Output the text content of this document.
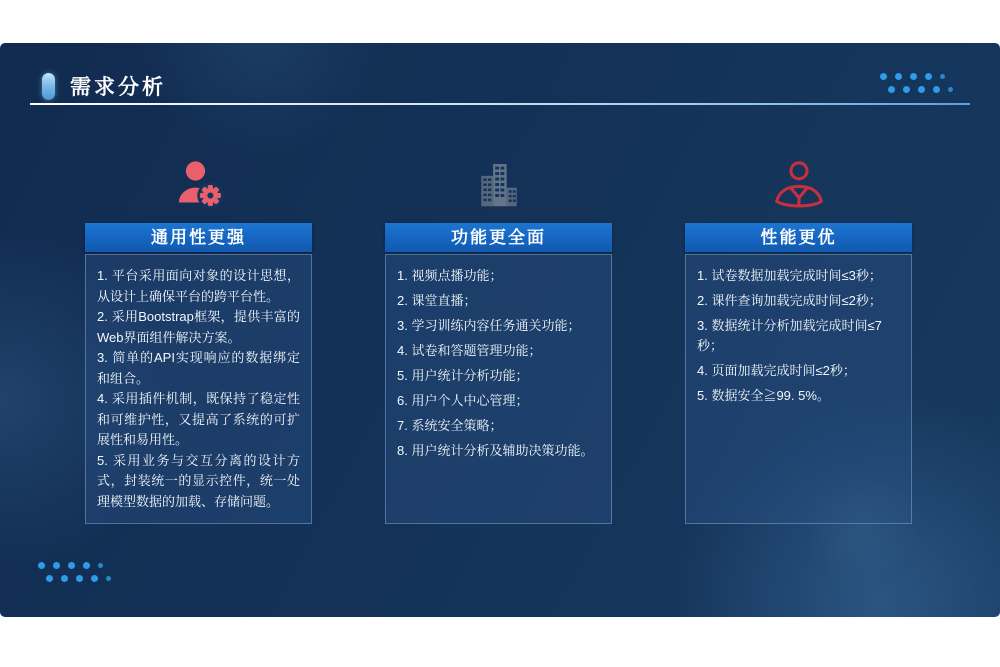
需求分析
通用性更强
1. 平台采用面向对象的设计思想，从设计上确保平台的跨平台性。
2. 采用Bootstrap框架，提供丰富的Web界面组件解决方案。
3. 简单的API实现响应的数据绑定和组合。
4. 采用插件机制，既保持了稳定性和可维护性，又提高了系统的可扩展性和易用性。
5. 采用业务与交互分离的设计方式，封装统一的显示控件，统一处理模型数据的加载、存储问题。
功能更全面
1. 视频点播功能；
2. 课堂直播；
3. 学习训练内容任务通关功能；
4. 试卷和答题管理功能；
5. 用户统计分析功能；
6. 用户个人中心管理；
7. 系统安全策略；
8. 用户统计分析及辅助决策功能。
性能更优
1. 试卷数据加载完成时间≤3秒；
2. 课件查询加载完成时间≤2秒；
3. 数据统计分析加载完成时间≤7秒；
4. 页面加载完成时间≤2秒；
5. 数据安全≧99. 5%。
